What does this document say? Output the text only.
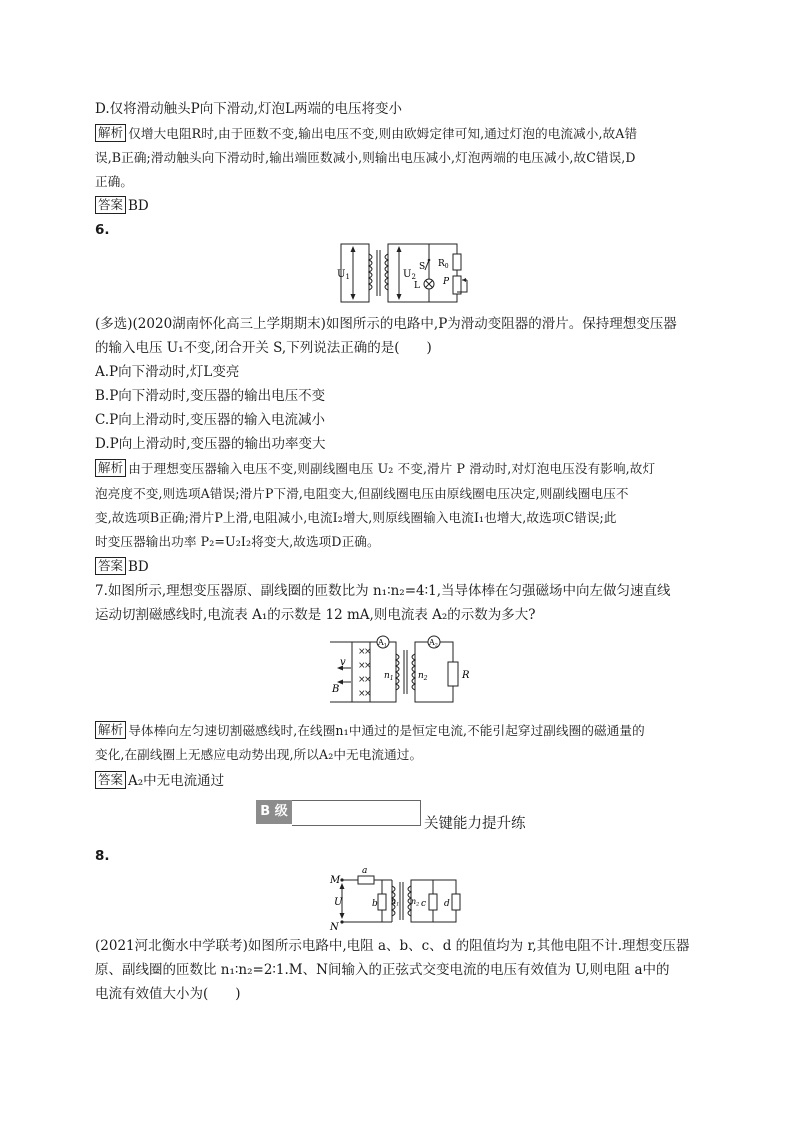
D.仅将滑动触头P向下滑动,灯泡L两端的电压将变小
解析 仅增大电阻R时,由于匝数不变,输出电压不变,则由欧姆定律可知,通过灯泡的电流减小,故A错
误,B正确;滑动触头向下滑动时,输出端匝数减小,则输出电压减小,灯泡两端的电压减小,故C错误,D
正确。
答案 BD
6.
$U_1$	$U_2$
S $R_0$
P
L
(多选)(2020湖南怀化高三上学期期末)如图所示的电路中,P为滑动变阻器的滑片。保持理想变压器
的输入电压 U₁不变,闭合开关 S,下列说法正确的是(　　)
A.P向下滑动时,灯L变亮
B.P向下滑动时,变压器的输出电压不变
C.P向上滑动时,变压器的输入电流减小
D.P向上滑动时,变压器的输出功率变大
解析 由于理想变压器输入电压不变,则副线圈电压 U₂ 不变,滑片 P 滑动时,对灯泡电压没有影响,故灯
泡亮度不变,则选项A错误;滑片P下滑,电阻变大,但副线圈电压由原线圈电压决定,则副线圈电压不
变,故选项B正确;滑片P上滑,电阻减小,电流I₂增大,则原线圈输入电流I₁也增大,故选项C错误;此
时变压器输出功率 P₂=U₂I₂将变大,故选项D正确。
答案 BD
7.如图所示,理想变压器原、副线圈的匝数比为 n₁∶n₂=4∶1,当导体棒在匀强磁场中向左做匀速直线
运动切割磁感线时,电流表 A₁的示数是 12 mA,则电流表 A₂的示数为多大?
×
×
×
×
×
×
×
×
v
B
A1	A2
$n_1$	$n_2$	R
解析 导体棒向左匀速切割磁感线时,在线圈n₁中通过的是恒定电流,不能引起穿过副线圈的磁通量的
变化,在副线圈上无感应电动势出现,所以A₂中无电流通过。
答案 A₂中无电流通过
B 级
关键能力提升练
8.
M
N
U
a
b	c d
n1 n2
(2021河北衡水中学联考)如图所示电路中,电阻 a、b、c、d 的阻值均为 r,其他电阻不计.理想变压器
原、副线圈的匝数比 n₁∶n₂=2∶1.M、N间输入的正弦式交变电流的电压有效值为 U,则电阻 a中的
电流有效值大小为(　　)
